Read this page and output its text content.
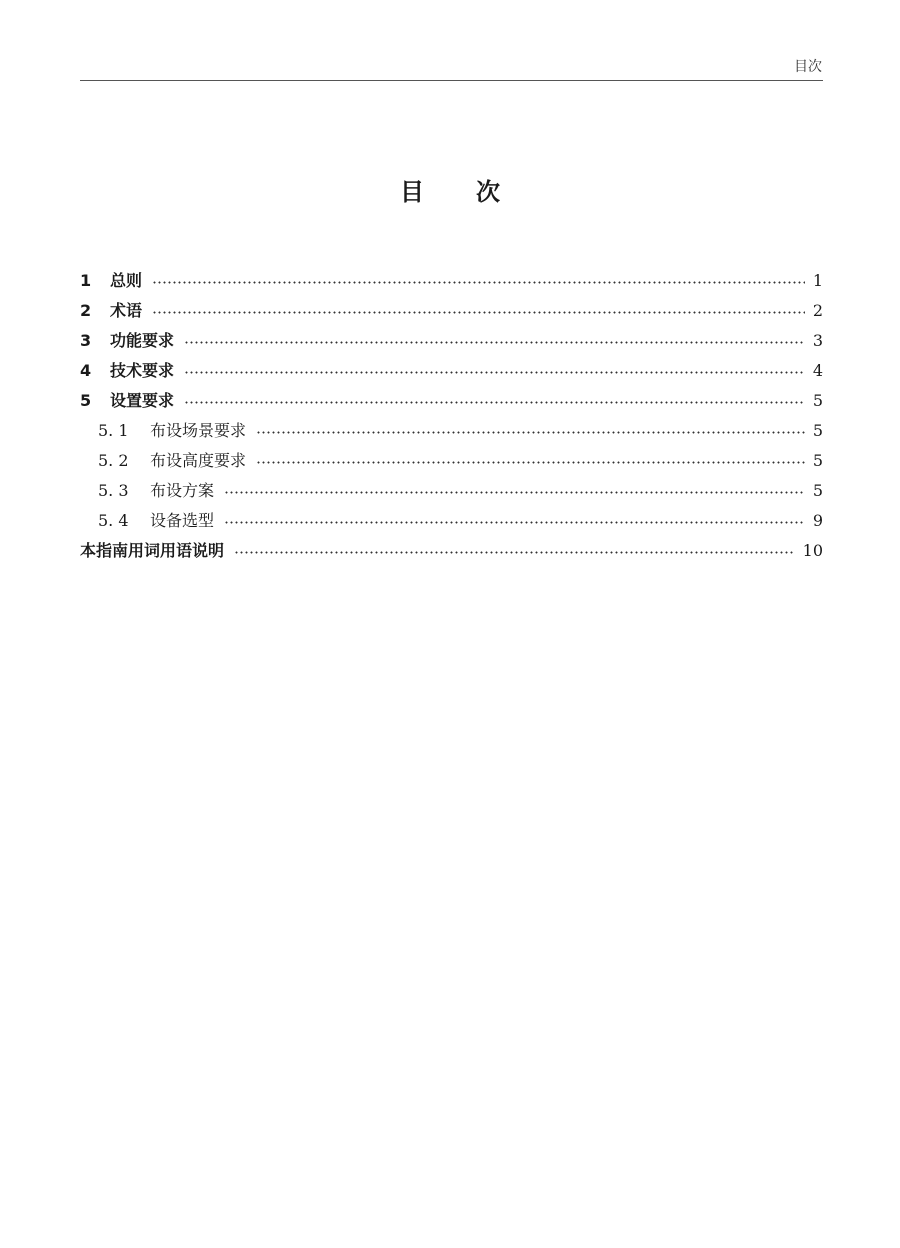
目次
目次
1	总则	1
2	术语	2
3	功能要求	3
4	技术要求	4
5	设置要求	5
5. 1	布设场景要求	5
5. 2	布设高度要求	5
5. 3	布设方案	5
5. 4	设备选型	9
本指南用词用语说明	10
